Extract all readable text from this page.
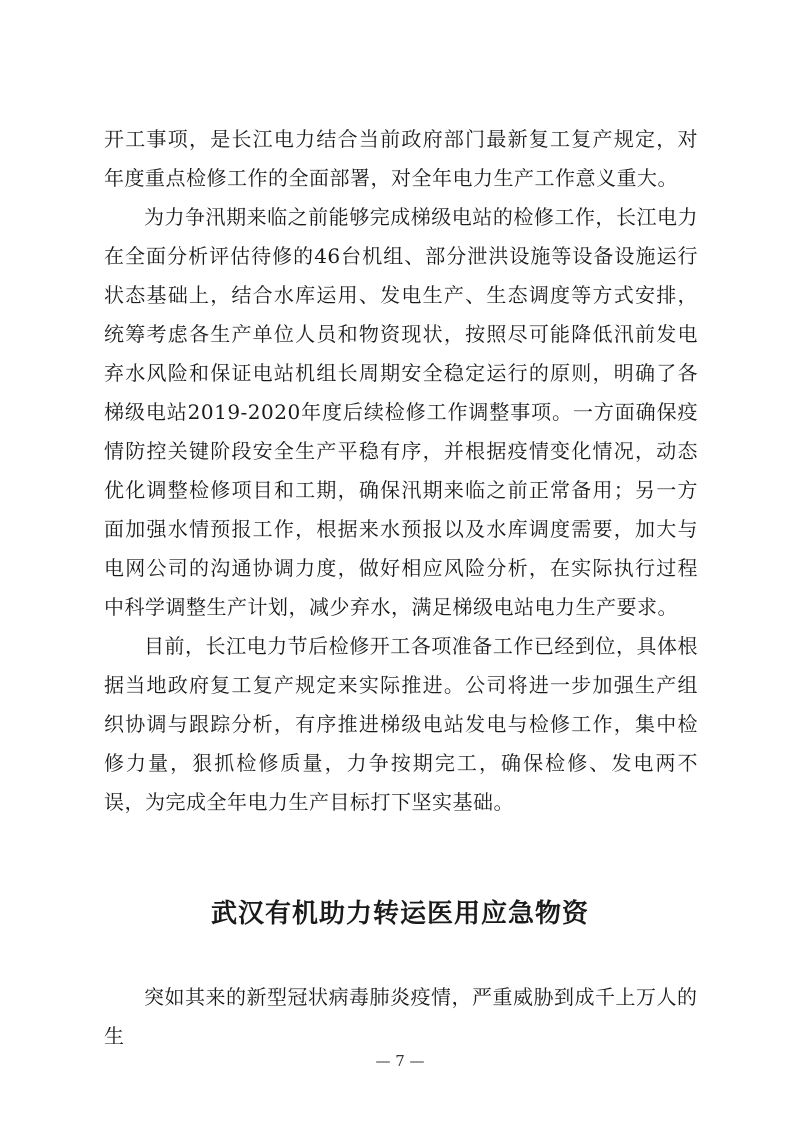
开工事项，是长江电力结合当前政府部门最新复工复产规定，对年度重点检修工作的全面部署，对全年电力生产工作意义重大。

为力争汛期来临之前能够完成梯级电站的检修工作，长江电力在全面分析评估待修的46台机组、部分泄洪设施等设备设施运行状态基础上，结合水库运用、发电生产、生态调度等方式安排，统筹考虑各生产单位人员和物资现状，按照尽可能降低汛前发电弃水风险和保证电站机组长周期安全稳定运行的原则，明确了各梯级电站2019-2020年度后续检修工作调整事项。一方面确保疫情防控关键阶段安全生产平稳有序，并根据疫情变化情况，动态优化调整检修项目和工期，确保汛期来临之前正常备用；另一方面加强水情预报工作，根据来水预报以及水库调度需要，加大与电网公司的沟通协调力度，做好相应风险分析，在实际执行过程中科学调整生产计划，减少弃水，满足梯级电站电力生产要求。

目前，长江电力节后检修开工各项准备工作已经到位，具体根据当地政府复工复产规定来实际推进。公司将进一步加强生产组织协调与跟踪分析，有序推进梯级电站发电与检修工作，集中检修力量，狠抓检修质量，力争按期完工，确保检修、发电两不误，为完成全年电力生产目标打下坚实基础。

武汉有机助力转运医用应急物资

突如其来的新型冠状病毒肺炎疫情，严重威胁到成千上万人的生

— 7 —
